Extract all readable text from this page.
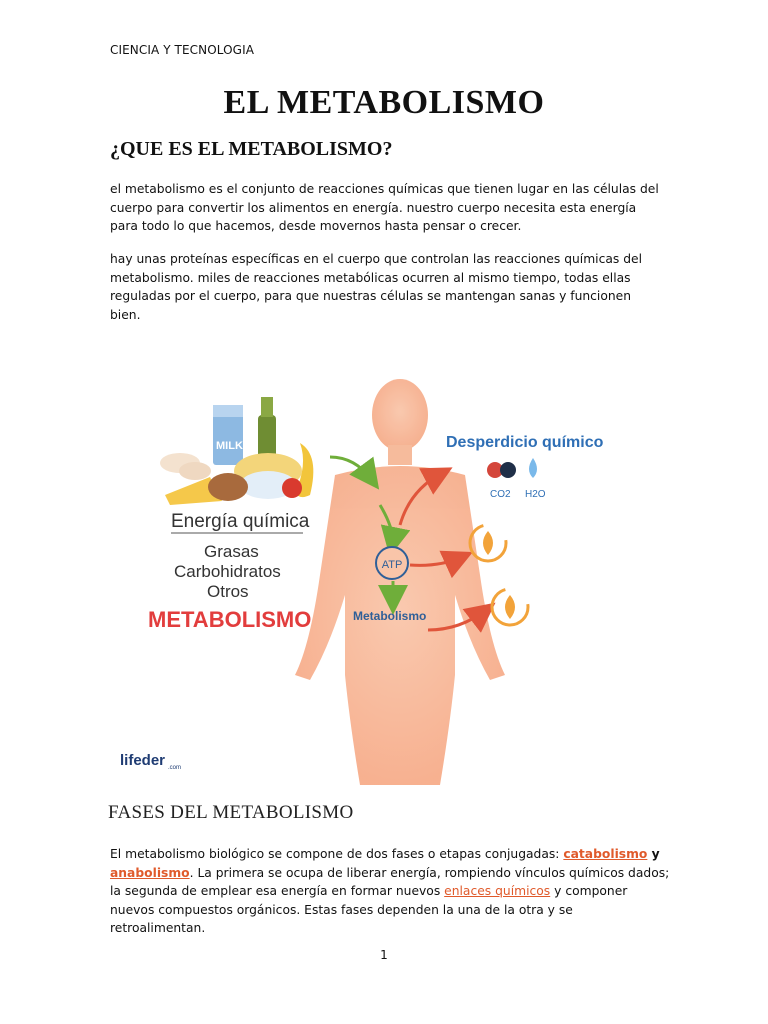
CIENCIA Y TECNOLOGIA
EL METABOLISMO
¿QUE ES EL METABOLISMO?
el metabolismo es el conjunto de reacciones químicas que tienen lugar en las células del cuerpo para convertir los alimentos en energía. nuestro cuerpo necesita esta energía para todo lo que hacemos, desde movernos hasta pensar o crecer.
hay unas proteínas específicas en el cuerpo que controlan las reacciones químicas del metabolismo. miles de reacciones metabólicas ocurren al mismo tiempo, todas ellas reguladas por el cuerpo, para que nuestras células se mantengan sanas y funcionen bien.
MILK
ATP
Energía química
Grasas
Carbohidratos
Otros
METABOLISMO
Desperdicio químico
CO2 H2O
Metabolismo
lifeder .com
FASES DEL METABOLISMO
El metabolismo biológico se compone de dos fases o etapas conjugadas: catabolismo y anabolismo. La primera se ocupa de liberar energía, rompiendo vínculos químicos dados; la segunda de emplear esa energía en formar nuevos enlaces químicos y componer nuevos compuestos orgánicos. Estas fases dependen la una de la otra y se retroalimentan.
1
